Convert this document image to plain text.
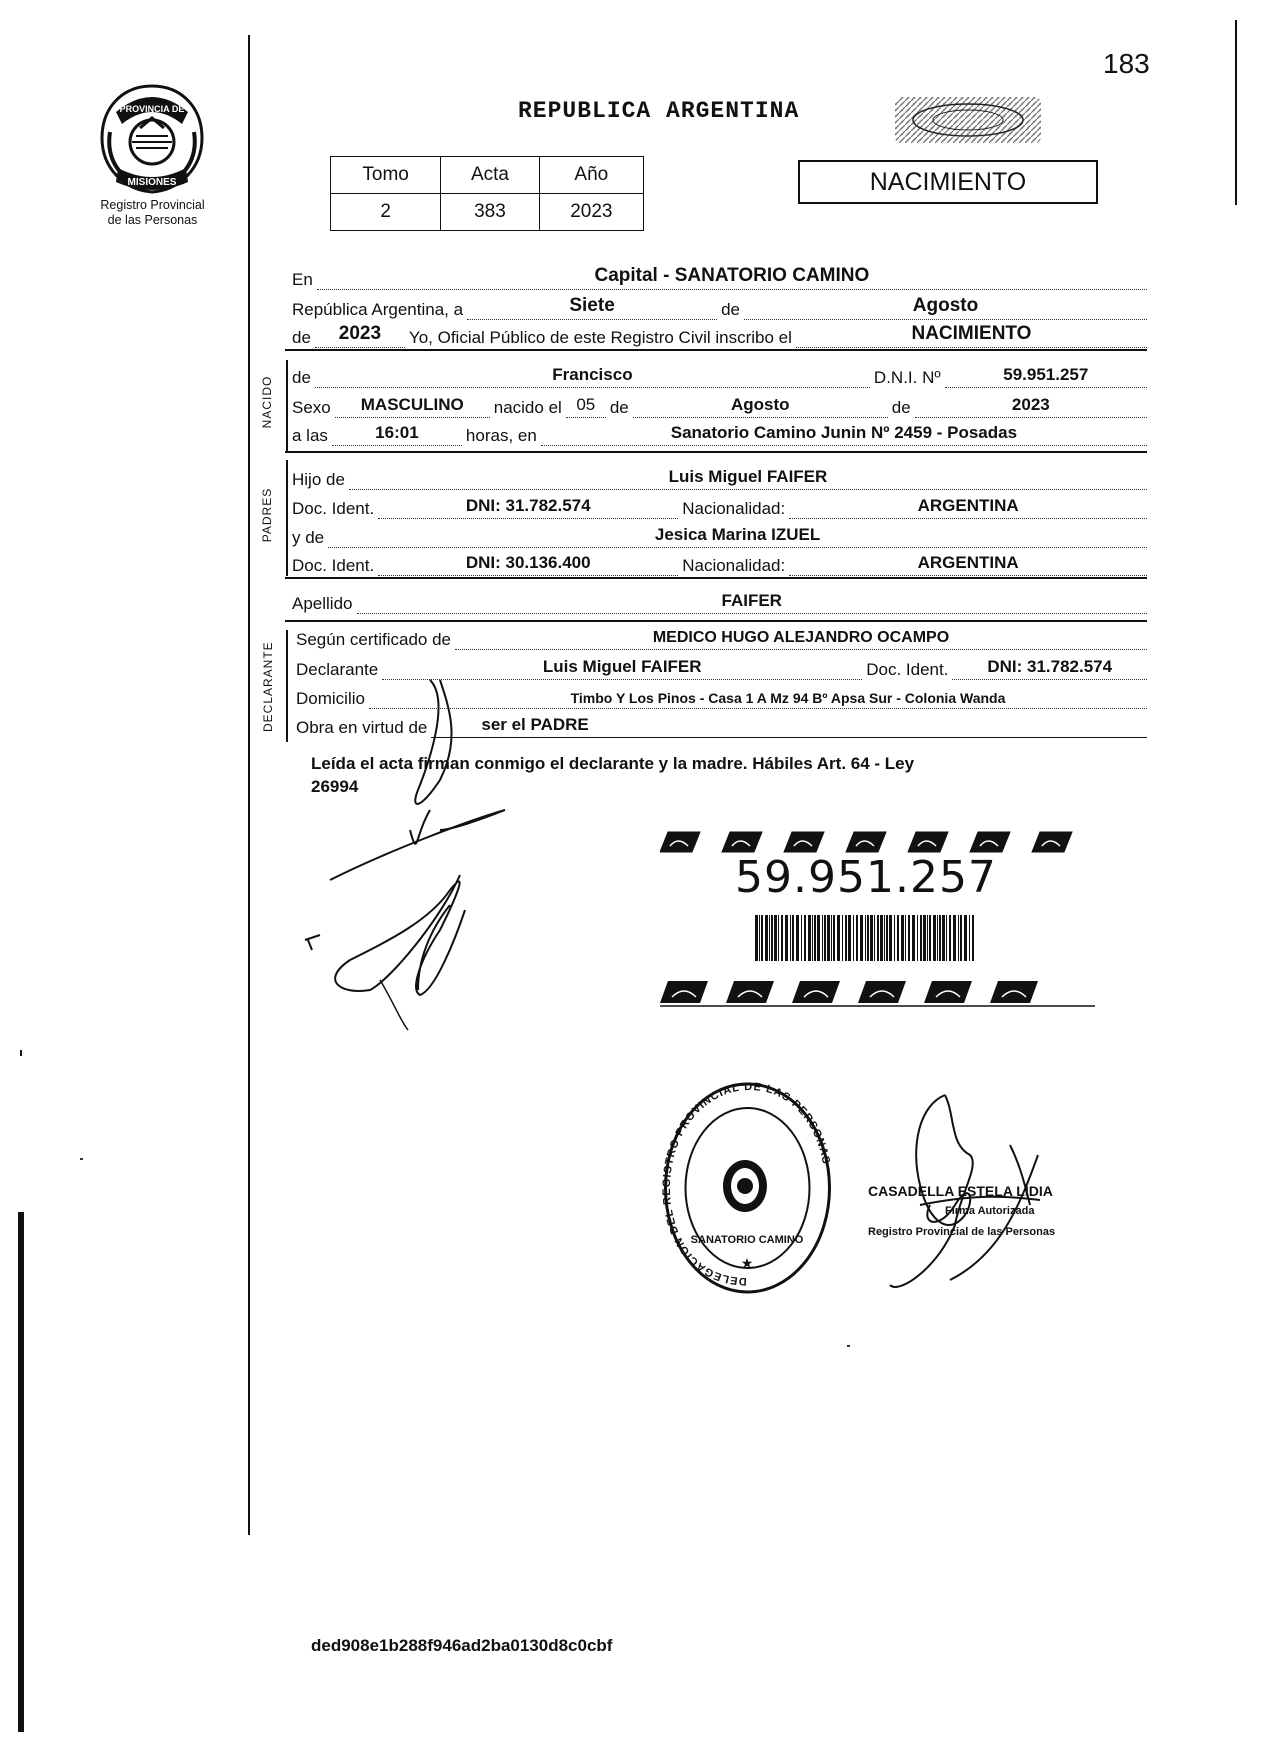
183
PROVINCIA DE
MISIONES
Registro Provincial
de las Personas
REPUBLICA ARGENTINA
Tomo	Acta	Año
2	383	2023
NACIMIENTO
En	Capital - SANATORIO CAMINO
República Argentina, a	Siete	de	Agosto
de 2023 Yo, Oficial Público de este Registro Civil inscribo el	NACIMIENTO
NACIDO de	Francisco	D.N.I. Nº	59.951.257
Sexo MASCULINO nacido el 05 de	Agosto	de	2023
a las	16:01	horas, en	Sanatorio Camino Junin Nº 2459 - Posadas
PADRES
Hijo de	Luis Miguel FAIFER
Doc. Ident.	DNI: 31.782.574	Nacionalidad:	ARGENTINA
y de	Jesica Marina IZUEL
Doc. Ident.	DNI: 30.136.400	Nacionalidad:	ARGENTINA
Apellido	FAIFER
DECLARANTE
Según certificado de	MEDICO HUGO ALEJANDRO OCAMPO
Declarante	Luis Miguel FAIFER	Doc. Ident. DNI: 31.782.574
Domicilio	Timbo Y Los Pinos - Casa 1 A Mz 94 Bº Apsa Sur - Colonia Wanda
Obra en virtud de	ser el PADRE
Leída el acta firman conmigo el declarante y la madre. Hábiles Art. 64 - Ley
26994
59.951.257
DELEGACION DEL REGISTRO PROVINCIAL DE LAS PERSONAS
SANATORIO CAMINO
★
CASADELLA ESTELA LIDIA
Firma Autorizada
Registro Provincial de las Personas
ded908e1b288f946ad2ba0130d8c0cbf
